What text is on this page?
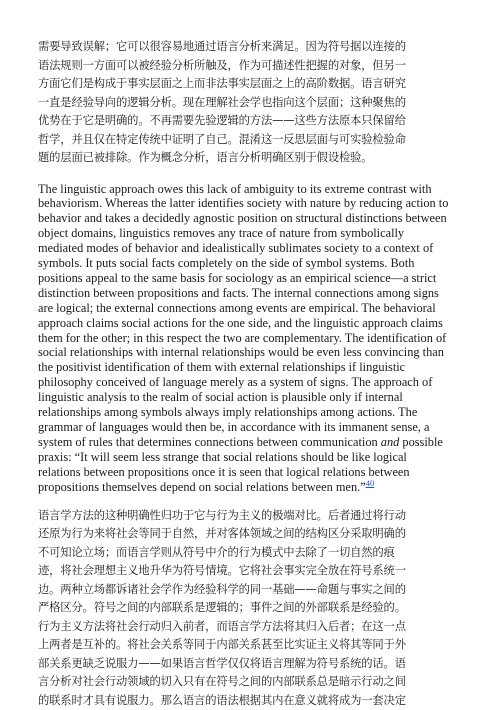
需要导致误解；它可以很容易地通过语言分析来满足。因为符号据以连接的
语法规则一方面可以被经验分析所触及，作为可描述性把握的对象，但另一
方面它们是构成于事实层面之上而非法事实层面之上的高阶数据。语言研究
一直是经验导向的逻辑分析。现在理解社会学也指向这个层面；这种聚焦的
优势在于它是明确的。不再需要先验逻辑的方法——这些方法原本只保留给
哲学，并且仅在特定传统中证明了自己。混淆这一反思层面与可实验检验命
题的层面已被排除。作为概念分析，语言分析明确区别于假设检验。
The linguistic approach owes this lack of ambiguity to its extreme contrast with
behaviorism. Whereas the latter identifies society with nature by reducing action to
behavior and takes a decidedly agnostic position on structural distinctions between
object domains, linguistics removes any trace of nature from symbolically
mediated modes of behavior and idealistically sublimates society to a context of
symbols. It puts social facts completely on the side of symbol systems. Both
positions appeal to the same basis for sociology as an empirical science—a strict
distinction between propositions and facts. The internal connections among signs
are logical; the external connections among events are empirical. The behavioral
approach claims social actions for the one side, and the linguistic approach claims
them for the other; in this respect the two are complementary. The identification of
social relationships with internal relationships would be even less convincing than
the positivist identification of them with external relationships if linguistic
philosophy conceived of language merely as a system of signs. The approach of
linguistic analysis to the realm of social action is plausible only if internal
relationships among symbols always imply relationships among actions. The
grammar of languages would then be, in accordance with its immanent sense, a
system of rules that determines connections between communication and possible
praxis: “It will seem less strange that social relations should be like logical
relations between propositions once it is seen that logical relations between
propositions themselves depend on social relations between men.”$^{40}$
语言学方法的这种明确性归功于它与行为主义的极端对比。后者通过将行动
还原为行为来将社会等同于自然，并对客体领域之间的结构区分采取明确的
不可知论立场；而语言学则从符号中介的行为模式中去除了一切自然的痕
迹，将社会理想主义地升华为符号情境。它将社会事实完全放在符号系统一
边。两种立场都诉诸社会学作为经验科学的同一基础——命题与事实之间的
严格区分。符号之间的内部联系是逻辑的；事件之间的外部联系是经验的。
行为主义方法将社会行动归入前者，而语言学方法将其归入后者；在这一点
上两者是互补的。将社会关系等同于内部关系甚至比实证主义将其等同于外
部关系更缺乏说服力——如果语言哲学仅仅将语言理解为符号系统的话。语
言分析对社会行动领域的切入只有在符号之间的内部联系总是暗示行动之间
的联系时才具有说服力。那么语言的语法根据其内在意义就将成为一套决定
